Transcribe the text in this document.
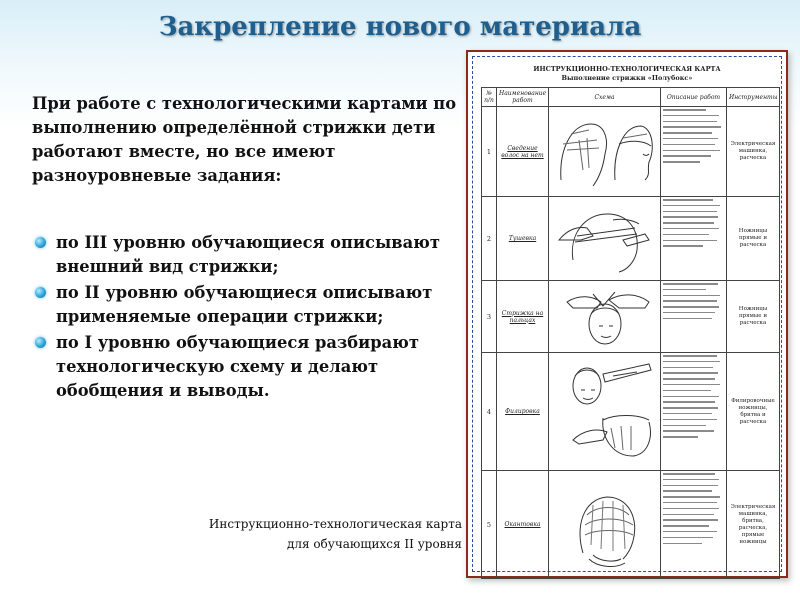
Закрепление нового материала

При работе с технологическими картами по выполнению определённой стрижки дети работают вместе, но все имеют разноуровневые задания:

по III уровню обучающиеся описывают внешний вид стрижки;
по II уровню обучающиеся описывают применяемые операции стрижки;
по I уровню обучающиеся разбирают технологическую схему и делают обобщения и выводы.
Инструкционно-технологическая карта
для обучающихся II уровня
ИНСТРУКЦИОННО-ТЕХНОЛОГИЧЕСКАЯ КАРТА
Выполнение стрижки «Полубокс»
№ п/п	Наименование работ	Схема	Описание работ	Инструменты
1	Сведение волос на нет			Электрическая машинка, расческа
2	Тушевка			Ножницы прямые и расческа
3	Стрижка на пальцах			Ножницы прямые и расческа
4	Филировка			Филировочные ножницы, бритва и расческа
5	Окантовка			Электрическая машинка, бритва, расческа, прямые ножницы
